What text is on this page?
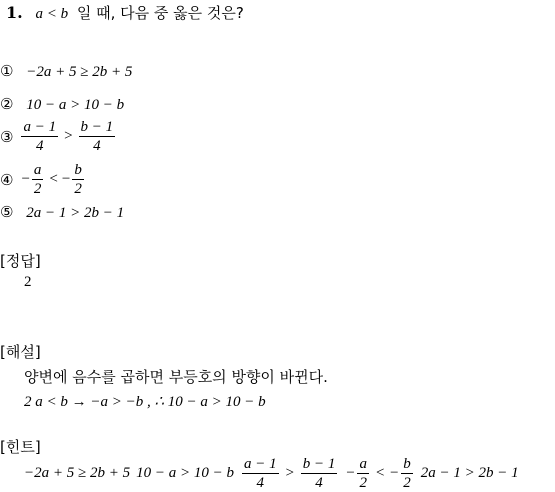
1. a < b 일 때, 다음 중 옳은 것은?
① −2a + 5 ≥ 2b + 5
② 10 − a > 10 − b
③ $\frac{a - 1}{4} > \frac{b - 1}{4}$
④ − $\frac{a}{2}$ < − $\frac{b}{2}$
⑤ 2a − 1 > 2b − 1
[정답]
2
[해설]
양변에 음수를 곱하면 부등호의 방향이 바뀐다.
2 a < b → −a > −b , ∴ 10 − a > 10 − b
[힌트]
−2a + 5 ≥ 2b + 5 10 − a > 10 − b $\frac{a - 1}{4} > \frac{b - 1}{4} - \frac{a}{2}$ < − $\frac{b}{2} 2a - 1 > 2b - 1$
